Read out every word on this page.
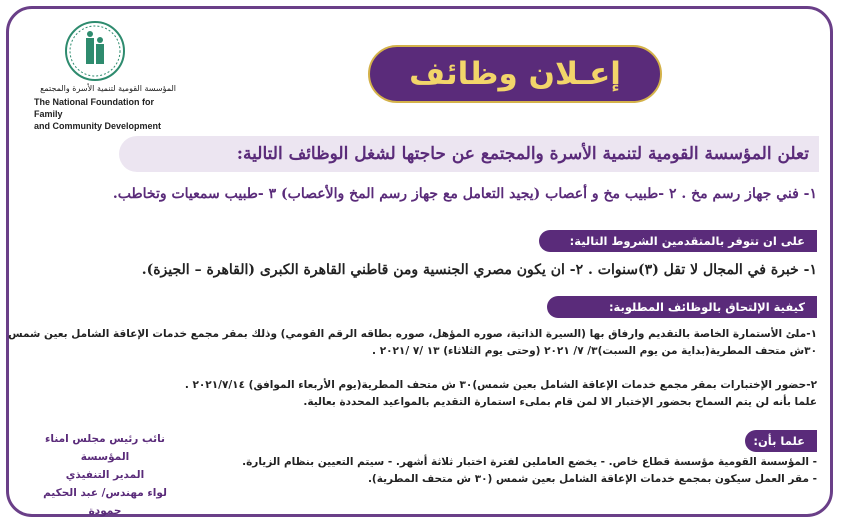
المؤسسة القومية لتنمية الأسرة والمجتمع
The National Foundation for Family
and Community Development
إعـلان وظائف
تعلن المؤسسة القومية لتنمية الأسرة والمجتمع عن حاجتها لشغل الوظائف التالية:
١- فني جهاز رسم مخ . ٢ -طبيب مخ و أعصاب (يجيد التعامل مع جهاز رسم المخ والأعصاب) ٣ -طبيب سمعيات وتخاطب.
على ان تتوفر بالمتقدمين الشروط التالية:
١- خبرة في المجال لا تقل (٣)سنوات . ٢- ان يكون مصري الجنسية ومن قاطني القاهرة الكبرى (القاهرة – الجيزة).
كيفية الإلتحاق بالوظائف المطلوبة:
١-ملئ الأستمارة الخاصة بالتقديم وارفاق بها (السيرة الذاتية، صوره المؤهل، صوره بطاقه الرقم القومي) وذلك بمقر مجمع خدمات الإعاقة الشامل بعين شمس
٣٠ش متحف المطرية(بداية من يوم السبت)٣/ ٧/ ٢٠٢١ (وحتى يوم الثلاثاء) ١٣ /٧ /٢٠٢١ .
٢-حضور الإختبارات بمقر مجمع خدمات الإعاقة الشامل بعين شمس)٣٠ ش متحف المطرية(يوم الأربعاء الموافق) ٢٠٢١/٧/١٤ .
علما بأنه لن يتم السماح بحضور الإختبار الا لمن قام بملىء استمارة التقديم بالمواعيد المحددة بعالية.
علما بأن:
- المؤسسة القومية مؤسسة قطاع خاص. - يخضع العاملين لفترة اختبار ثلاثة أشهر. - سيتم التعيين بنظام الزيارة.
- مقر العمل سيكون بمجمع خدمات الإعاقة الشامل بعين شمس (٣٠ ش متحف المطرية).
نائب رئيس مجلس امناء المؤسسة
المدير التنفيذي
لواء مهندس/ عبد الحكيم حمودة
